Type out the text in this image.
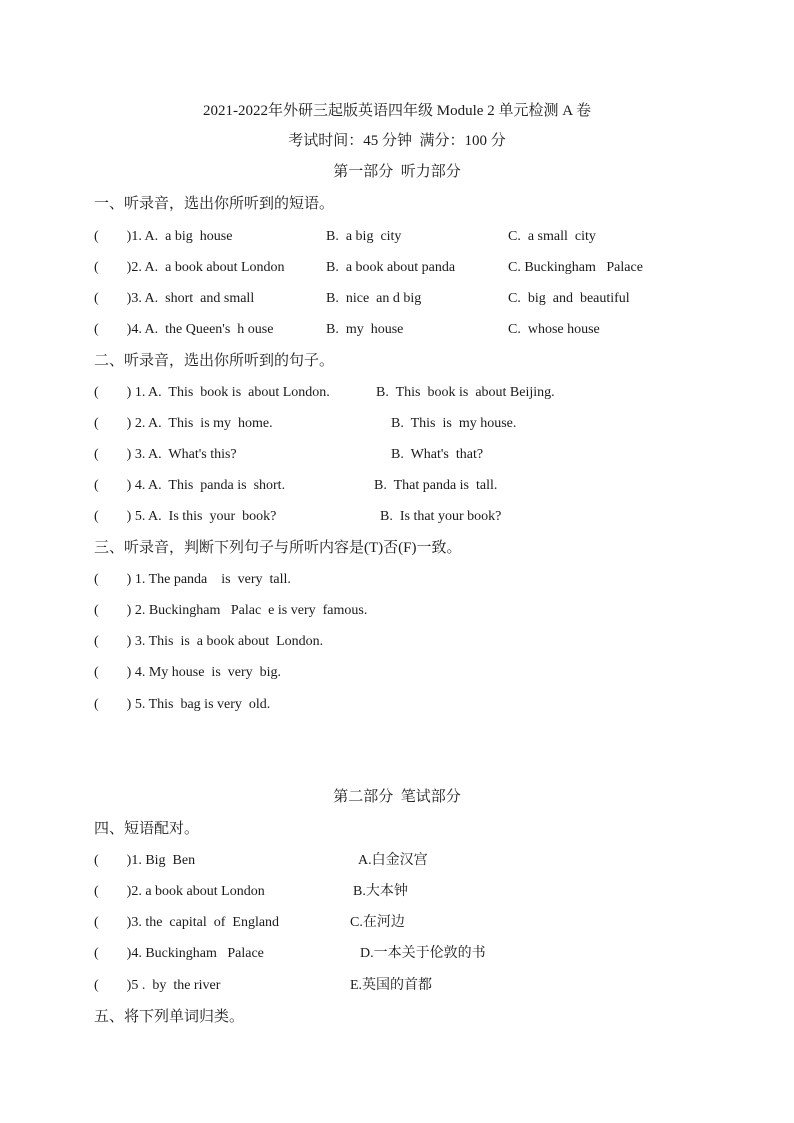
2021-2022年外研三起版英语四年级 Module 2 单元检测 A 卷
考试时间：45 分钟  满分：100 分
第一部分  听力部分
一、听录音，选出你所听到的短语。
(        )1. A.  a big  house	B.  a big  city	C.  a small  city
(        )2. A.  a book about London	B.  a book about panda	C. Buckingham   Palace
(        )3. A.  short  and small	B.  nice  an d big	C.  big  and  beautiful
(        )4. A.  the Queen's  h ouse	B.  my  house	C.  whose house
二、听录音，选出你所听到的句子。
(        ) 1. A.  This  book is  about London.	B.  This  book is  about Beijing.
(        ) 2. A.  This  is my  home.	B.  This  is  my house.
(        ) 3. A.  What's this?	B.  What's  that?
(        ) 4. A.  This  panda is  short.	B.  That panda is  tall.
(        ) 5. A.  Is this  your  book?	B.  Is that your book?
三、听录音，判断下列句子与所听内容是(T)否(F)一致。
(        ) 1. The panda    is  very  tall.
(        ) 2. Buckingham   Palac  e is very  famous.
(        ) 3. This  is  a book about  London.
(        ) 4. My house  is  very  big.
(        ) 5. This  bag is very  old.
第二部分  笔试部分
四、短语配对。
(        )1. Big  Ben	A.白金汉宫
(        )2. a book about London	B.大本钟
(        )3. the  capital  of  England	C.在河边
(        )4. Buckingham   Palace	D.一本关于伦敦的书
(        )5 .  by  the river	E.英国的首都
五、将下列单词归类。
